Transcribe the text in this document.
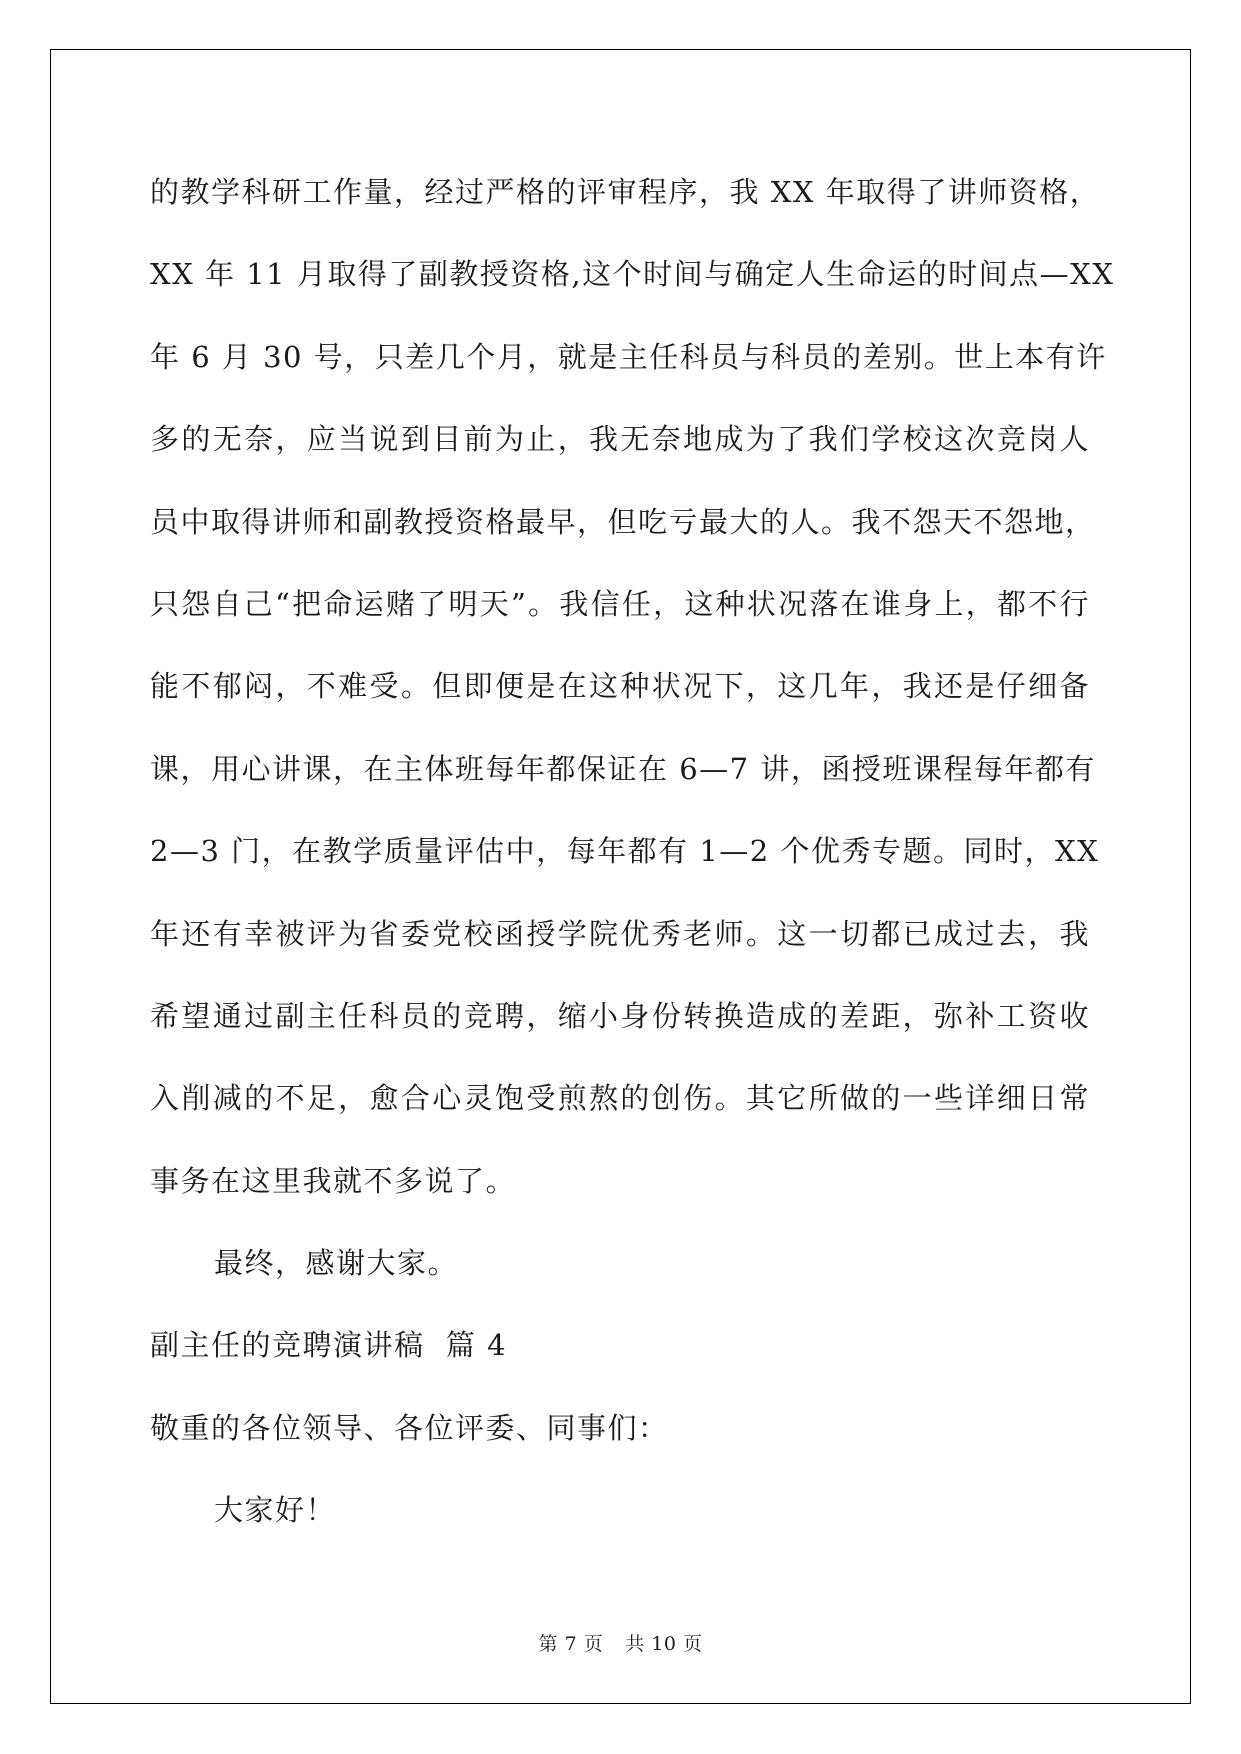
的教学科研工作量，经过严格的评审程序，我 XX 年取得了讲师资格，
XX 年 11 月取得了副教授资格,这个时间与确定人生命运的时间点—XX
年 6 月 30 号，只差几个月，就是主任科员与科员的差别。世上本有许
多的无奈，应当说到目前为止，我无奈地成为了我们学校这次竞岗人
员中取得讲师和副教授资格最早，但吃亏最大的人。我不怨天不怨地，
只怨自己“把命运赌了明天”。我信任，这种状况落在谁身上，都不行
能不郁闷，不难受。但即便是在这种状况下，这几年，我还是仔细备
课，用心讲课，在主体班每年都保证在 6—7 讲，函授班课程每年都有
2—3 门，在教学质量评估中，每年都有 1—2 个优秀专题。同时，XX
年还有幸被评为省委党校函授学院优秀老师。这一切都已成过去，我
希望通过副主任科员的竞聘，缩小身份转换造成的差距，弥补工资收
入削减的不足，愈合心灵饱受煎熬的创伤。其它所做的一些详细日常
事务在这里我就不多说了。
最终，感谢大家。
副主任的竞聘演讲稿  篇 4
敬重的各位领导、各位评委、同事们：
大家好！
第 7 页 共 10 页
